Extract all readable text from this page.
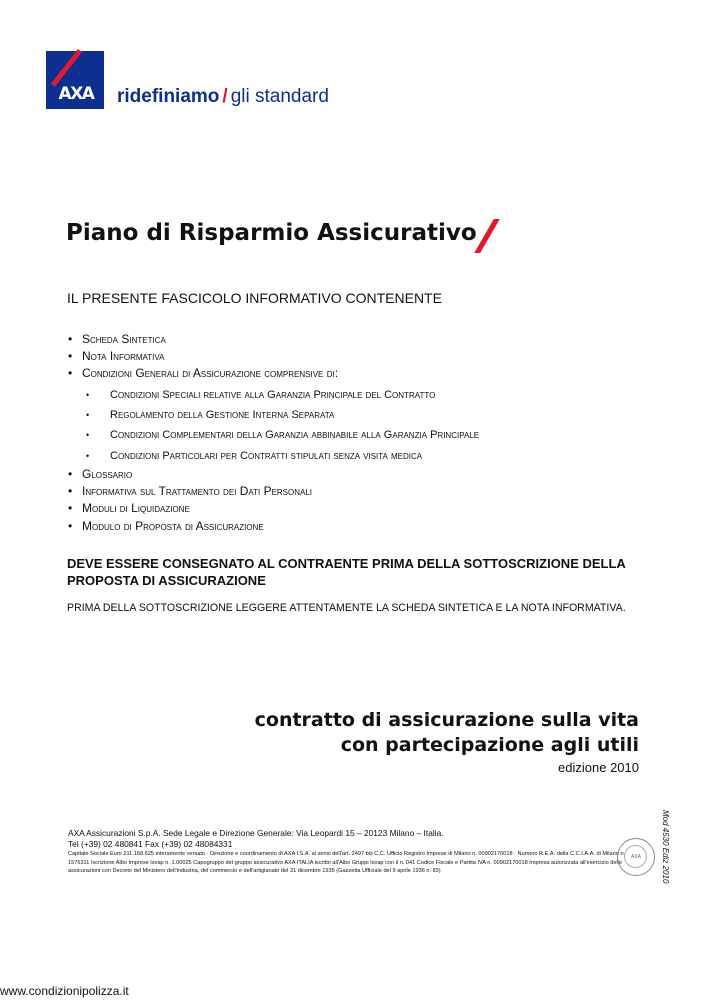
AXA	ridefiniamo / gli standard
Piano di Risparmio Assicurativo
IL PRESENTE FASCICOLO INFORMATIVO CONTENENTE
• Scheda Sintetica
• Nota Informativa
• Condizioni Generali di Assicurazione comprensive di:
• Condizioni Speciali relative alla Garanzia Principale del Contratto
• Regolamento della Gestione Interna Separata
• Condizioni Complementari della Garanzia abbinabile alla Garanzia Principale
• Condizioni Particolari per Contratti stipulati senza visita medica
• Glossario
• Informativa sul Trattamento dei Dati Personali
• Moduli di Liquidazione
• Modulo di Proposta di Assicurazione
DEVE ESSERE CONSEGNATO AL CONTRAENTE PRIMA DELLA SOTTOSCRIZIONE DELLA PROPOSTA DI ASSICURAZIONE
PRIMA DELLA SOTTOSCRIZIONE LEGGERE ATTENTAMENTE LA SCHEDA SINTETICA E LA NOTA INFORMATIVA.
contratto di assicurazione sulla vita
con partecipazione agli utili
edizione 2010
AXA Assicurazioni S.p.A. Sede Legale e Direzione Generale: Via Leopardi 15 – 20123 Milano – Italia.
Tel (+39) 02 480841 Fax (+39) 02 48084331
Capitale Sociale Euro 211.168.625 interamente versato · Direzione e coordinamento di AXA I.S.A. ai sensi dell'art. 2497 bis C.C. Ufficio Registro Imprese di Milano n. 00902170018 · Numero R.E.A. della C.C.I.A.A. di Milano n. 1576311 Iscrizione Albo Imprese Isvap n. 1.00025 Capogruppo del gruppo assicurativo AXA ITALIA iscritto all'Albo Gruppi Isvap con il n. 041 Codice Fiscale e Partita IVA n. 00902170018 Impresa autorizzata all'esercizio delle assicurazioni con Decreto del Ministero dell'industria, del commercio e dell'artigianato del 31 dicembre 1935 (Gazzetta Ufficiale del 9 aprile 1936 n. 83)	Mod 4530 Ediz 2010
AXA
www.condizionipolizza.it
